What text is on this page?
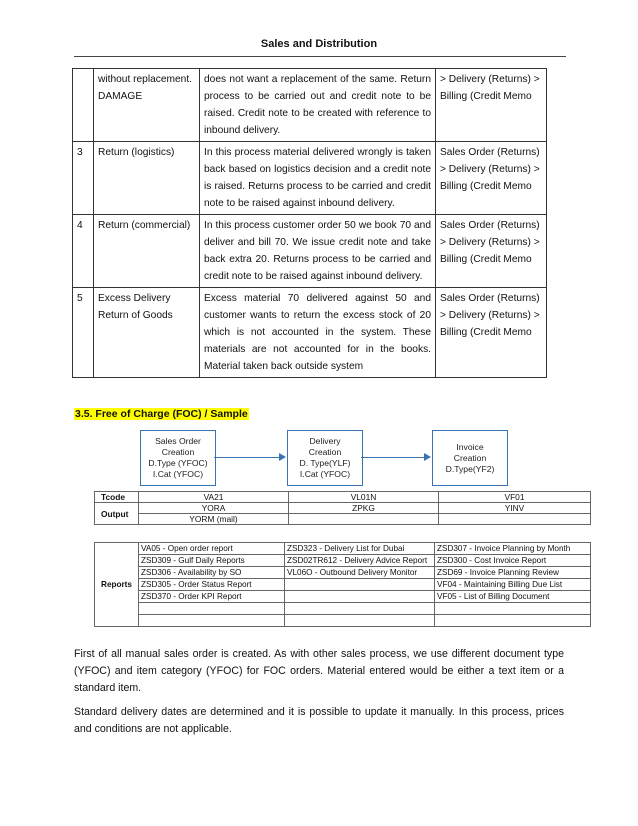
Sales and Distribution
	without replacement. DAMAGE	does not want a replacement of the same. Return process to be carried out and credit note to be raised. Credit note to be created with reference to inbound delivery.	> Delivery (Returns) > Billing (Credit Memo
3	Return (logistics)	In this process material delivered wrongly is taken back based on logistics decision and a credit note is raised. Returns process to be carried and credit note to be raised against inbound delivery.	Sales Order (Returns) > Delivery (Returns) > Billing (Credit Memo
4	Return (commercial)	In this process customer order 50 we book 70 and deliver and bill 70. We issue credit note and take back extra 20. Returns process to be carried and credit note to be raised against inbound delivery.	Sales Order (Returns) > Delivery (Returns) > Billing (Credit Memo
5	Excess Delivery Return of Goods	Excess material 70 delivered against 50 and customer wants to return the excess stock of 20 which is not accounted in the system. These materials are not accounted for in the books. Material taken back outside system	Sales Order (Returns) > Delivery (Returns) > Billing (Credit Memo
3.5. Free of Charge (FOC) / Sample
Sales Order
Creation
D.Type (YFOC)
I.Cat (YFOC)
Delivery
Creation
D. Type(YLF)
I.Cat (YFOC)
Invoice
Creation
D.Type(YF2)
Tcode	VA21	VL01N	VF01
Output	YORA	ZPKG	YINV
	YORM (mail)		
Reports	VA05 - Open order report	ZSD323 - Delivery List for Dubai	ZSD307 - Invoice Planning by Month
	ZSD309 - Gulf Daily Reports	ZSD02TR612 - Delivery Advice Report	ZSD300 - Cost Invoice Report
	ZSD306 - Availability by SO	VL06O - Outbound Delivery Monitor	ZSD69 - Invoice Planning Review
	ZSD305 - Order Status Report		VF04 - Maintaining Billing Due List
	ZSD370 - Order KPI Report		VF05 - List of Billing Document

First of all manual sales order is created. As with other sales process, we use different document type (YFOC) and item category (YFOC) for FOC orders. Material entered would be either a text item or a standard item.

Standard delivery dates are determined and it is possible to update it manually. In this process, prices and conditions are not applicable.
